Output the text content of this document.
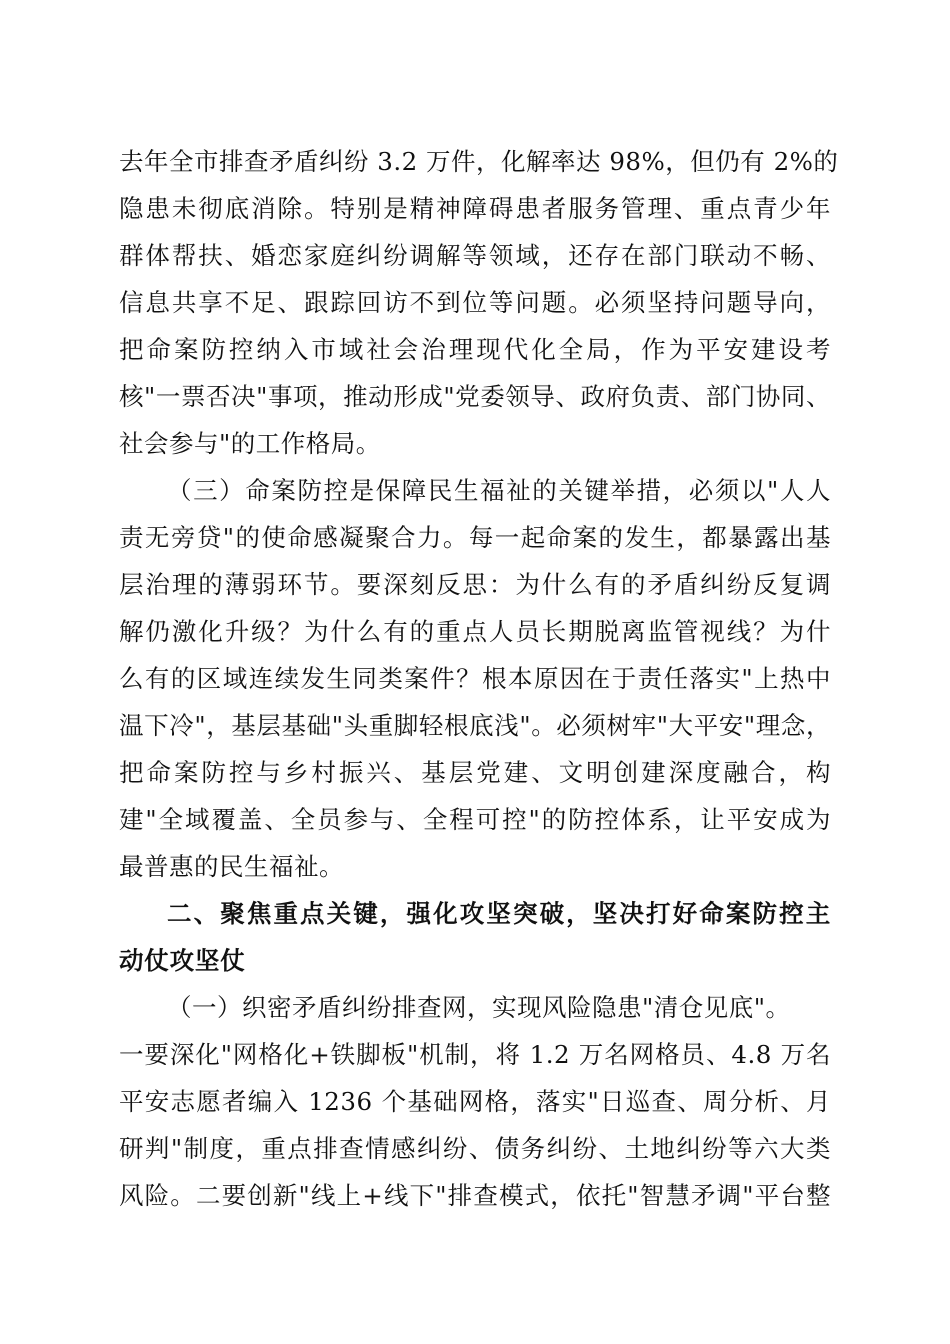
去年全市排查矛盾纠纷 3.2 万件，化解率达 98%，但仍有 2%的
隐患未彻底消除。特别是精神障碍患者服务管理、重点青少年
群体帮扶、婚恋家庭纠纷调解等领域，还存在部门联动不畅、
信息共享不足、跟踪回访不到位等问题。必须坚持问题导向，
把命案防控纳入市域社会治理现代化全局，作为平安建设考
核"一票否决"事项，推动形成"党委领导、政府负责、部门协同、
社会参与"的工作格局。
（三）命案防控是保障民生福祉的关键举措，必须以"人人
责无旁贷"的使命感凝聚合力。每一起命案的发生，都暴露出基
层治理的薄弱环节。要深刻反思：为什么有的矛盾纠纷反复调
解仍激化升级？为什么有的重点人员长期脱离监管视线？为什
么有的区域连续发生同类案件？根本原因在于责任落实"上热中
温下冷"，基层基础"头重脚轻根底浅"。必须树牢"大平安"理念，
把命案防控与乡村振兴、基层党建、文明创建深度融合，构
建"全域覆盖、全员参与、全程可控"的防控体系，让平安成为
最普惠的民生福祉。
二、聚焦重点关键，强化攻坚突破，坚决打好命案防控主
动仗攻坚仗
（一）织密矛盾纠纷排查网，实现风险隐患"清仓见底"。
一要深化"网格化+铁脚板"机制，将 1.2 万名网格员、4.8 万名
平安志愿者编入 1236 个基础网格，落实"日巡查、周分析、月
研判"制度，重点排查情感纠纷、债务纠纷、土地纠纷等六大类
风险。二要创新"线上+线下"排查模式，依托"智慧矛调"平台整
